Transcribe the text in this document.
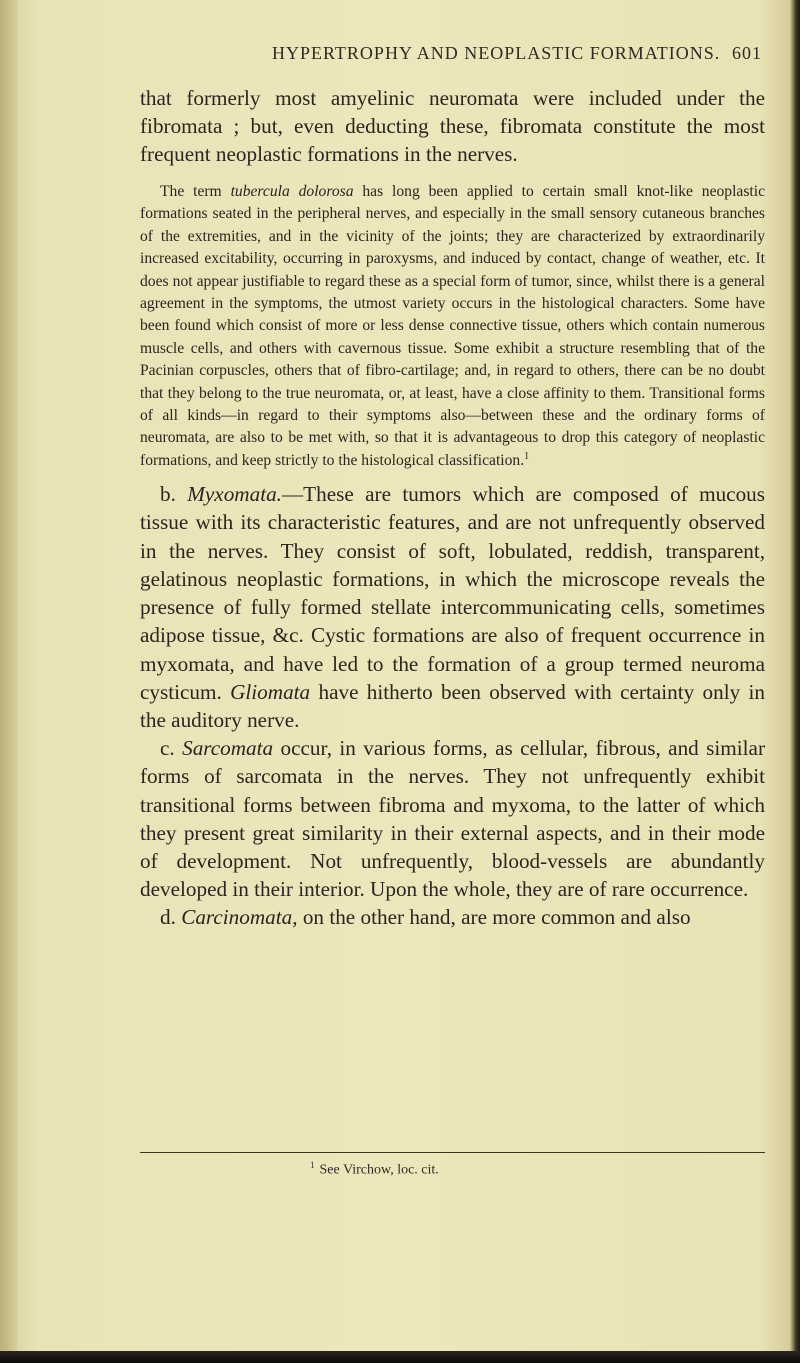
HYPERTROPHY AND NEOPLASTIC FORMATIONS. 601

that formerly most amyelinic neuromata were included under the fibromata ; but, even deducting these, fibromata constitute the most frequent neoplastic formations in the nerves.

The term tubercula dolorosa has long been applied to certain small knot-like neoplastic formations seated in the peripheral nerves, and especially in the small sensory cutaneous branches of the extremities, and in the vicinity of the joints; they are characterized by extraordinarily increased excitability, occurring in paroxysms, and induced by contact, change of weather, etc. It does not appear justifiable to regard these as a special form of tumor, since, whilst there is a general agreement in the symptoms, the utmost variety occurs in the histological characters. Some have been found which consist of more or less dense connective tissue, others which contain numerous muscle cells, and others with cavernous tissue. Some exhibit a structure resembling that of the Pacinian corpuscles, others that of fibro-cartilage; and, in regard to others, there can be no doubt that they belong to the true neuromata, or, at least, have a close affinity to them. Transitional forms of all kinds—in regard to their symptoms also—between these and the ordinary forms of neuromata, are also to be met with, so that it is advantageous to drop this category of neoplastic formations, and keep strictly to the histological classification.$^1$

b. Myxomata.—These are tumors which are composed of mucous tissue with its characteristic features, and are not unfrequently observed in the nerves. They consist of soft, lobulated, reddish, transparent, gelatinous neoplastic formations, in which the microscope reveals the presence of fully formed stellate intercommunicating cells, sometimes adipose tissue, &c. Cystic formations are also of frequent occurrence in myxomata, and have led to the formation of a group termed neuroma cysticum. Gliomata have hitherto been observed with certainty only in the auditory nerve.

c. Sarcomata occur, in various forms, as cellular, fibrous, and similar forms of sarcomata in the nerves. They not unfrequently exhibit transitional forms between fibroma and myxoma, to the latter of which they present great similarity in their external aspects, and in their mode of development. Not unfrequently, blood-vessels are abundantly developed in their interior. Upon the whole, they are of rare occurrence.

d. Carcinomata, on the other hand, are more common and also

$^1$ See Virchow, loc. cit.
